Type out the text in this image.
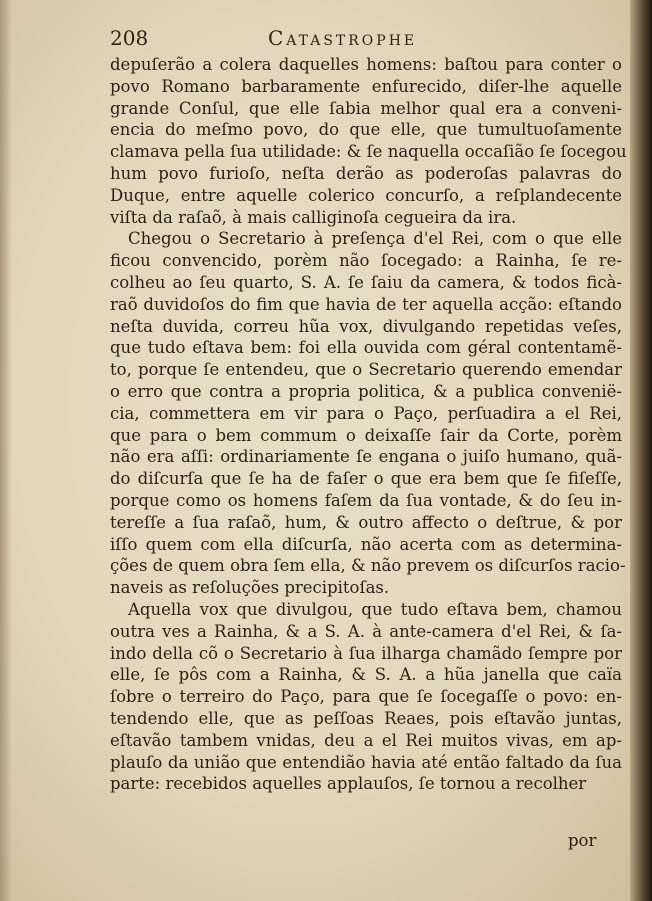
208	Catastrophe
depuſerão a colera daquelles homens: baſtou para conter o
povo Romano barbaramente enfurecido, diſer-lhe aquelle
grande Conſul, que elle ſabia melhor qual era a conveni-
encia do meſmo povo, do que elle, que tumultuoſamente
clamava pella ſua utilidade: & ſe naquella occaſião ſe ſocegou
hum povo furioſo, neſta derão as poderoſas palavras do
Duque, entre aquelle colerico concurſo, a reſplandecente
viſta da raſaõ, à mais calliginoſa cegueira da ira.
Chegou o Secretario à preſença d'el Rei, com o que elle
ficou convencido, porèm não ſocegado: a Rainha, ſe re-
colheu ao ſeu quarto, S. A. ſe ſaiu da camera, & todos ficà-
raõ duvidoſos do fim que havia de ter aquella acção: eſtando
neſta duvida, correu hũa vox, divulgando repetidas veſes,
que tudo eſtava bem: foi ella ouvida com géral contentamẽ-
to, porque ſe entendeu, que o Secretario querendo emendar
o erro que contra a propria politica, & a publica convenië-
cia, commettera em vir para o Paço, perſuadira a el Rei,
que para o bem commum o deixaſſe ſair da Corte, porèm
não era aſſi: ordinariamente ſe engana o juiſo humano, quã-
do diſcurſa que ſe ha de faſer o que era bem que ſe fiſeſſe,
porque como os homens faſem da ſua vontade, & do ſeu in-
tereſſe a ſua raſaõ, hum, & outro affecto o deſtrue, & por
iſſo quem com ella diſcurſa, não acerta com as determina-
ções de quem obra ſem ella, & não prevem os diſcurſos racio-
naveis as reſoluções precipitoſas.
Aquella vox que divulgou, que tudo eſtava bem, chamou
outra ves a Rainha, & a S. A. à ante-camera d'el Rei, & ſa-
indo della cõ o Secretario à ſua ilharga chamãdo ſempre por
elle, ſe pôs com a Rainha, & S. A. a hũa janella que caïa
ſobre o terreiro do Paço, para que ſe ſocegaſſe o povo: en-
tendendo elle, que as peſſoas Reaes, pois eſtavão juntas,
eſtavão tambem vnidas, deu a el Rei muitos vivas, em ap-
plauſo da união que entendião havia até então faltado da ſua
parte: recebidos aquelles applauſos, ſe tornou a recolher
por
